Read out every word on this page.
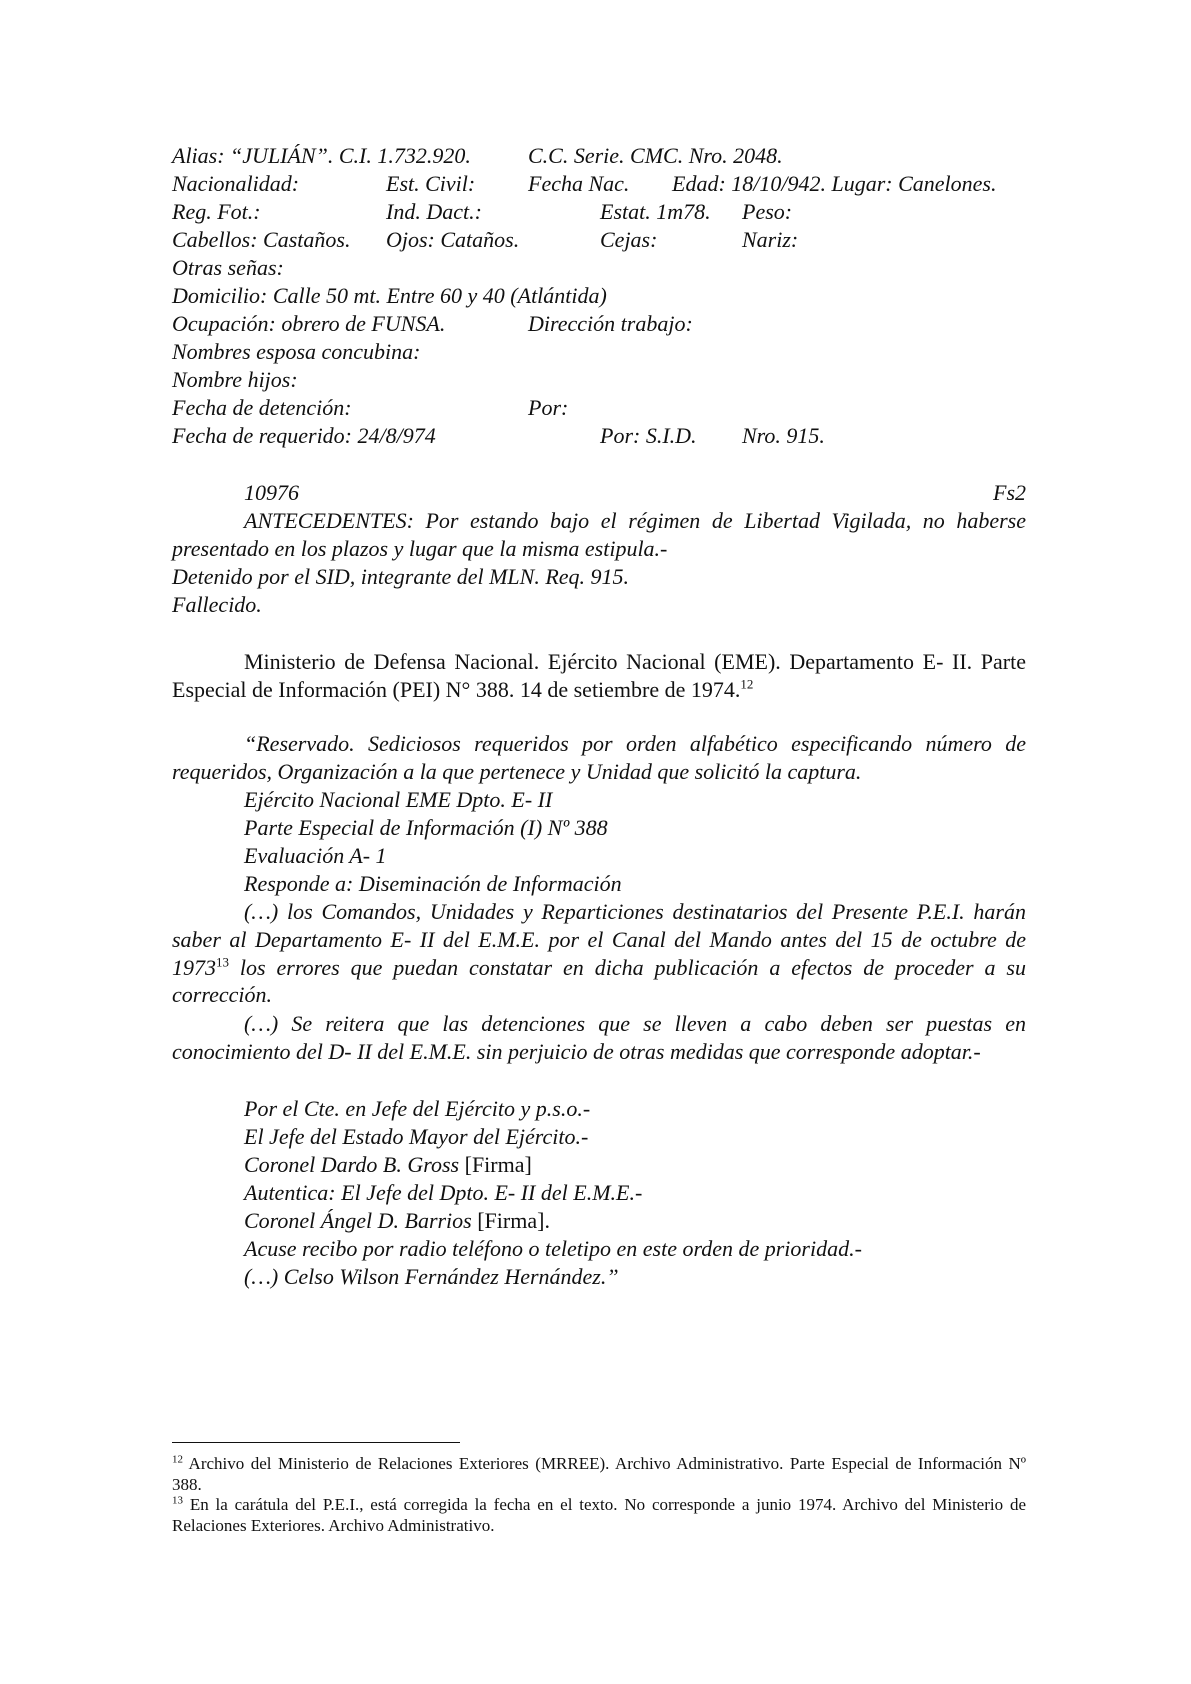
Alias: “JULIÁN”. C.I. 1.732.920.	C.C. Serie. CMC. Nro. 2048.
Nacionalidad:	Est. Civil: Fecha Nac. Edad: 18/10/942. Lugar: Canelones.
Reg. Fot.:	Ind. Dact.:	Estat. 1m78. Peso:
Cabellos: Castaños. Ojos: Cataños.	Cejas:	Nariz:
Otras señas:
Domicilio: Calle 50 mt. Entre 60 y 40 (Atlántida)
Ocupación: obrero de FUNSA.	Dirección trabajo:
Nombres esposa concubina:
Nombre hijos:
Fecha de detención:	Por:
Fecha de requerido: 24/8/974	Por: S.I.D. Nro. 915.
10976	Fs2
ANTECEDENTES: Por estando bajo el régimen de Libertad Vigilada, no haberse presentado en los plazos y lugar que la misma estipula.-
Detenido por el SID, integrante del MLN. Req. 915.
Fallecido.
Ministerio de Defensa Nacional. Ejército Nacional (EME). Departamento E- II. Parte Especial de Información (PEI) N° 388. 14 de setiembre de 1974.12
“Reservado. Sediciosos requeridos por orden alfabético especificando número de requeridos, Organización a la que pertenece y Unidad que solicitó la captura.
Ejército Nacional EME Dpto. E- II
Parte Especial de Información (I) Nº 388
Evaluación A- 1
Responde a: Diseminación de Información
(…) los Comandos, Unidades y Reparticiones destinatarios del Presente P.E.I. harán saber al Departamento E- II del E.M.E. por el Canal del Mando antes del 15 de octubre de 1973$^{13}$ los errores que puedan constatar en dicha publicación a efectos de proceder a su corrección.
(…) Se reitera que las detenciones que se lleven a cabo deben ser puestas en conocimiento del D- II del E.M.E. sin perjuicio de otras medidas que corresponde adoptar.-
Por el Cte. en Jefe del Ejército y p.s.o.-
El Jefe del Estado Mayor del Ejército.-
Coronel Dardo B. Gross [Firma]
Autentica: El Jefe del Dpto. E- II del E.M.E.-
Coronel Ángel D. Barrios [Firma].
Acuse recibo por radio teléfono o teletipo en este orden de prioridad.-
(…) Celso Wilson Fernández Hernández.”
$^{12}$ Archivo del Ministerio de Relaciones Exteriores (MRREE). Archivo Administrativo. Parte Especial de Información Nº 388.
$^{13}$ En la carátula del P.E.I., está corregida la fecha en el texto. No corresponde a junio 1974. Archivo del Ministerio de Relaciones Exteriores. Archivo Administrativo.
